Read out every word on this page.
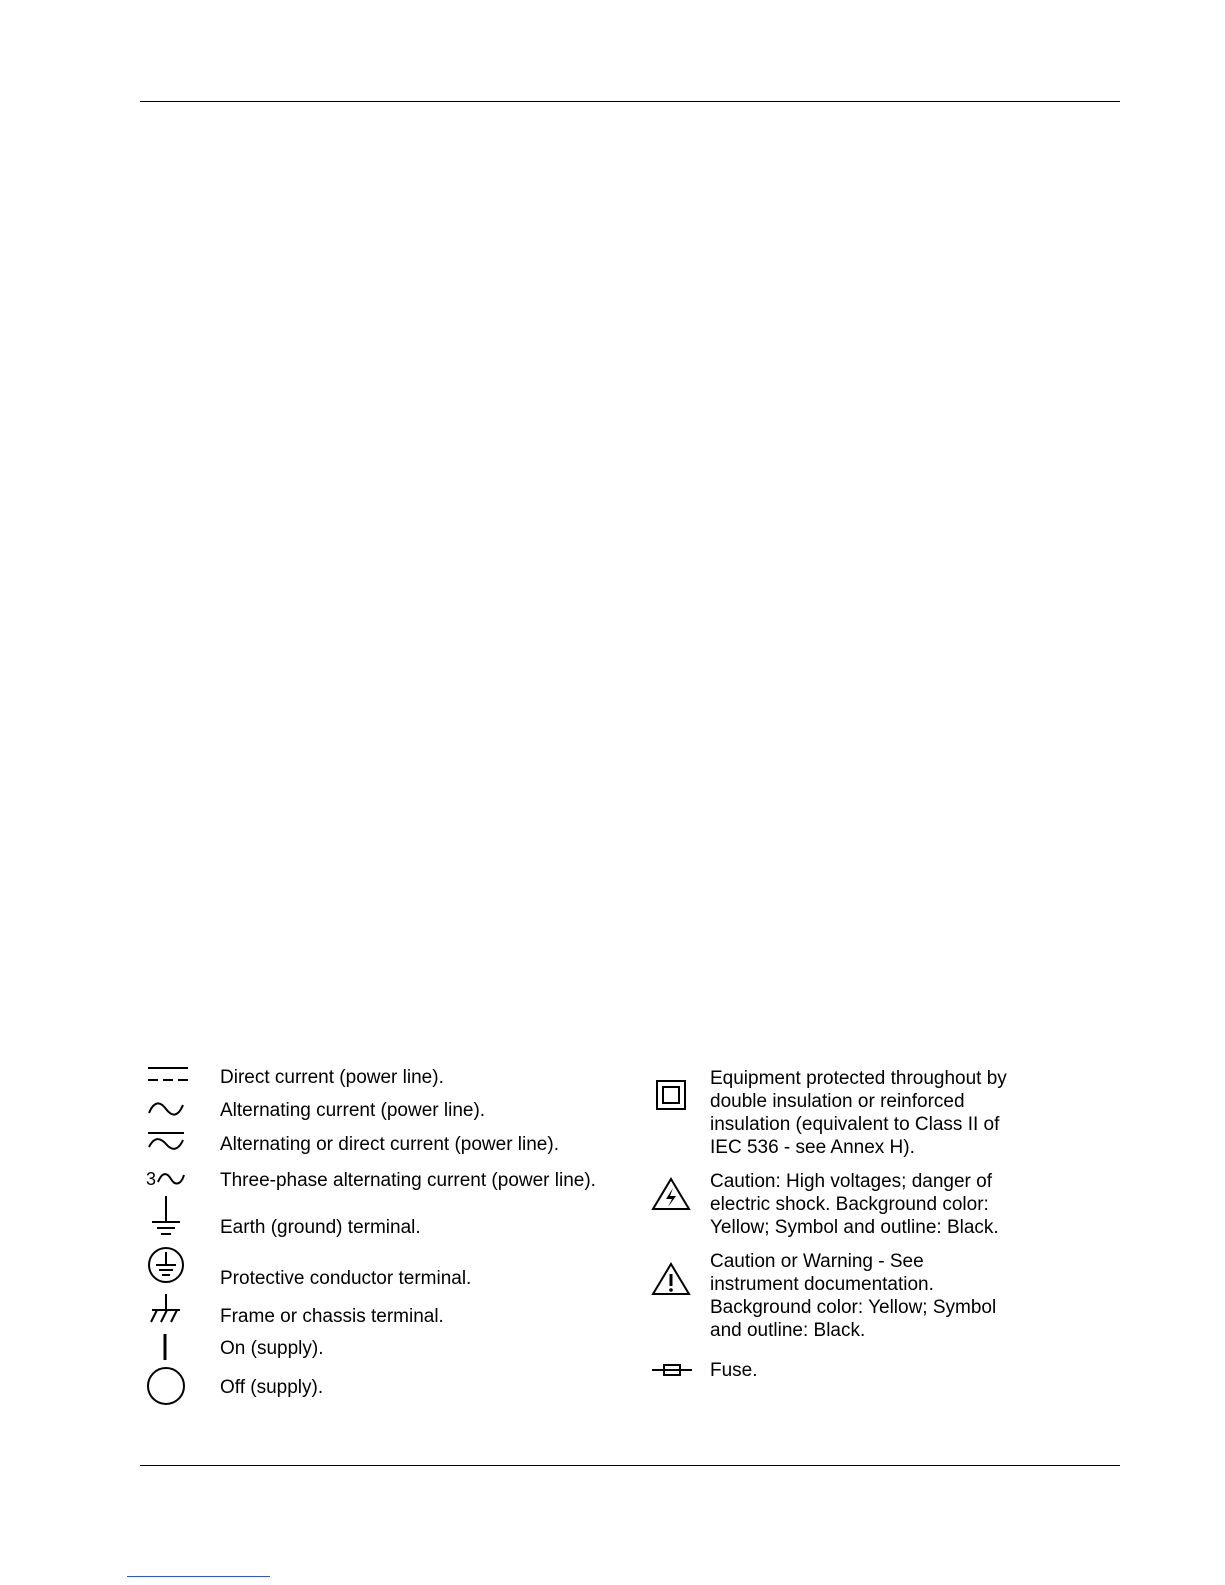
Direct current (power line).
Alternating current (power line).
Alternating or direct current (power line).
3	Three-phase alternating current (power line).
Earth (ground) terminal.
Protective conductor terminal.
Frame or chassis terminal.
On (supply).
Off (supply).
Equipment protected throughout by
double insulation or reinforced
insulation (equivalent to Class II of
IEC 536 - see Annex H).
Caution: High voltages; danger of
electric shock. Background color:
Yellow; Symbol and outline: Black.
Caution or Warning - See
instrument documentation.
Background color: Yellow; Symbol
and outline: Black.
Fuse.
